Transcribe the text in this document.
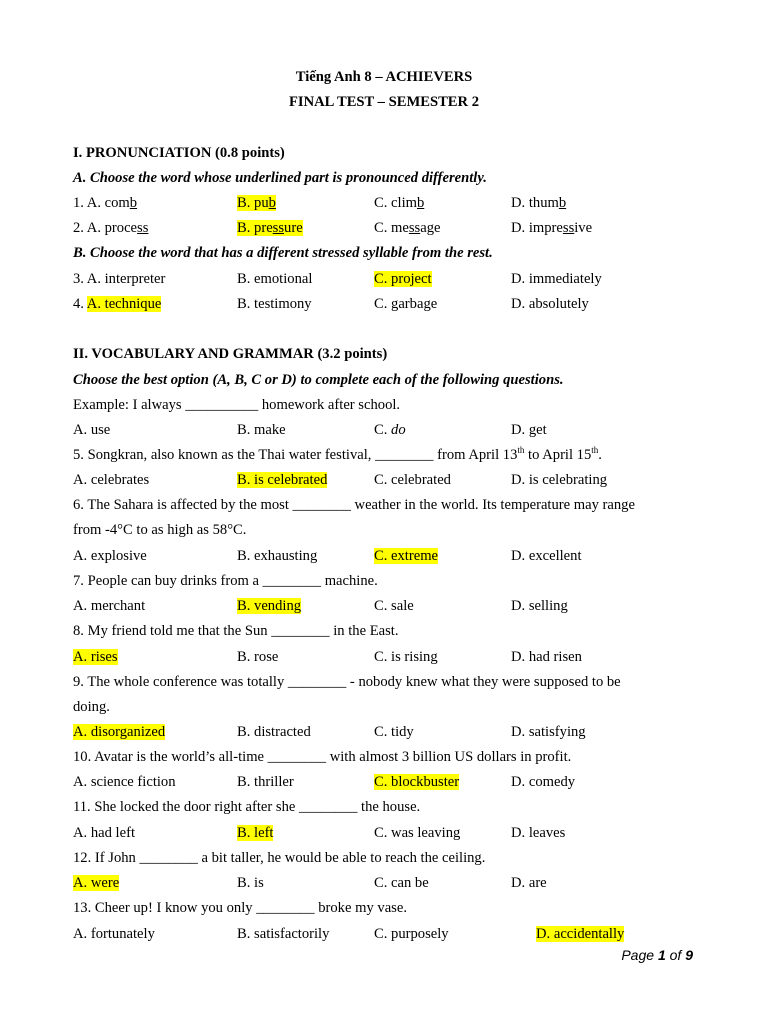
Tiếng Anh 8 – ACHIEVERS
FINAL TEST – SEMESTER 2
I. PRONUNCIATION (0.8 points)
A. Choose the word whose underlined part is pronounced differently.
1. A. comb	B. pub	C. climb	D. thumb
2. A. process	B. pressure	C. message	D. impressive
B. Choose the word that has a different stressed syllable from the rest.
3. A. interpreter	B. emotional	C. project	D. immediately
4. A. technique	B. testimony	C. garbage	D. absolutely
II. VOCABULARY AND GRAMMAR (3.2 points)
Choose the best option (A, B, C or D) to complete each of the following questions.
Example: I always __________ homework after school.
A. use	B. make	C. do	D. get
5. Songkran, also known as the Thai water festival, ________ from April 13th to April 15th.
A. celebrates	B. is celebrated	C. celebrated	D. is celebrating
6. The Sahara is affected by the most ________ weather in the world. Its temperature may range
from -4°C to as high as 58°C.
A. explosive	B. exhausting	C. extreme	D. excellent
7. People can buy drinks from a ________ machine.
A. merchant	B. vending	C. sale	D. selling
8. My friend told me that the Sun ________ in the East.
A. rises	B. rose	C. is rising	D. had risen
9. The whole conference was totally ________ - nobody knew what they were supposed to be
doing.
A. disorganized	B. distracted	C. tidy	D. satisfying
10. Avatar is the world’s all-time ________ with almost 3 billion US dollars in profit.
A. science fiction	B. thriller	C. blockbuster	D. comedy
11. She locked the door right after she ________ the house.
A. had left	B. left	C. was leaving	D. leaves
12. If John ________ a bit taller, he would be able to reach the ceiling.
A. were	B. is	C. can be	D. are
13. Cheer up! I know you only ________ broke my vase.
A. fortunately	B. satisfactorily	C. purposely	D. accidentally
Page 1 of 9
